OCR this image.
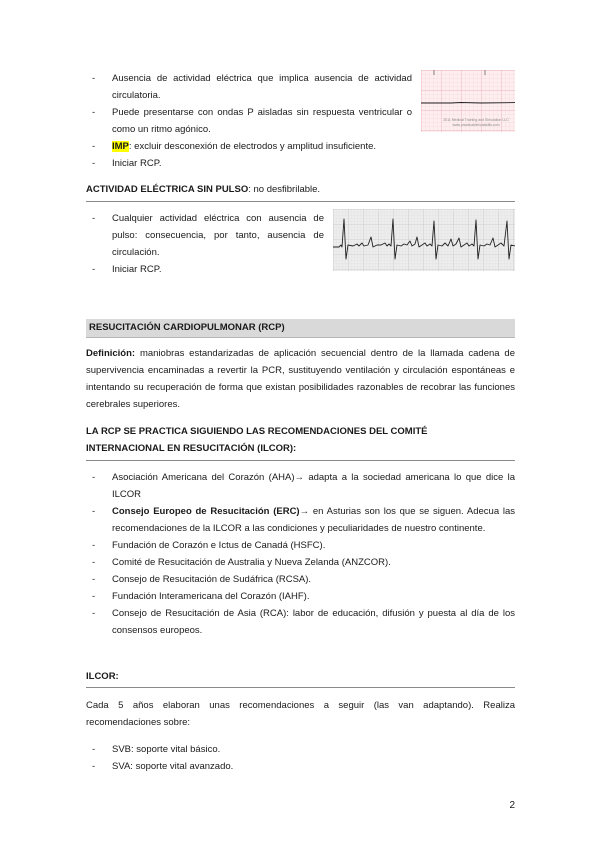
- Ausencia de actividad eléctrica que implica ausencia de actividad circulatoria.
- Puede presentarse con ondas P aisladas sin respuesta ventricular o como un ritmo agónico.
- IMP: excluir desconexión de electrodos y amplitud insuficiente.
- Iniciar RCP.
2011 Medical Training and Simulation LLC
www.practicalclinicalskills.com
ACTIVIDAD ELÉCTRICA SIN PULSO: no desfibrilable.
- Cualquier actividad eléctrica con ausencia de pulso: consecuencia, por tanto, ausencia de circulación.
- Iniciar RCP.
RESUCITACIÓN CARDIOPULMONAR (RCP)
Definición: maniobras estandarizadas de aplicación secuencial dentro de la llamada cadena de supervivencia encaminadas a revertir la PCR, sustituyendo ventilación y circulación espontáneas e intentando su recuperación de forma que existan posibilidades razonables de recobrar las funciones cerebrales superiores.
LA RCP SE PRACTICA SIGUIENDO LAS RECOMENDACIONES DEL COMITÉ INTERNACIONAL EN RESUCITACIÓN (ILCOR):
- Asociación Americana del Corazón (AHA)→ adapta a la sociedad americana lo que dice la ILCOR
- Consejo Europeo de Resucitación (ERC)→ en Asturias son los que se siguen. Adecua las recomendaciones de la ILCOR a las condiciones y peculiaridades de nuestro continente.
- Fundación de Corazón e Ictus de Canadá (HSFC).
- Comité de Resucitación de Australia y Nueva Zelanda (ANZCOR).
- Consejo de Resucitación de Sudáfrica (RCSA).
- Fundación Interamericana del Corazón (IAHF).
- Consejo de Resucitación de Asia (RCA): labor de educación, difusión y puesta al día de los consensos europeos.
ILCOR:
Cada 5 años elaboran unas recomendaciones a seguir (las van adaptando). Realiza recomendaciones sobre:
- SVB: soporte vital básico.
- SVA: soporte vital avanzado.
2
